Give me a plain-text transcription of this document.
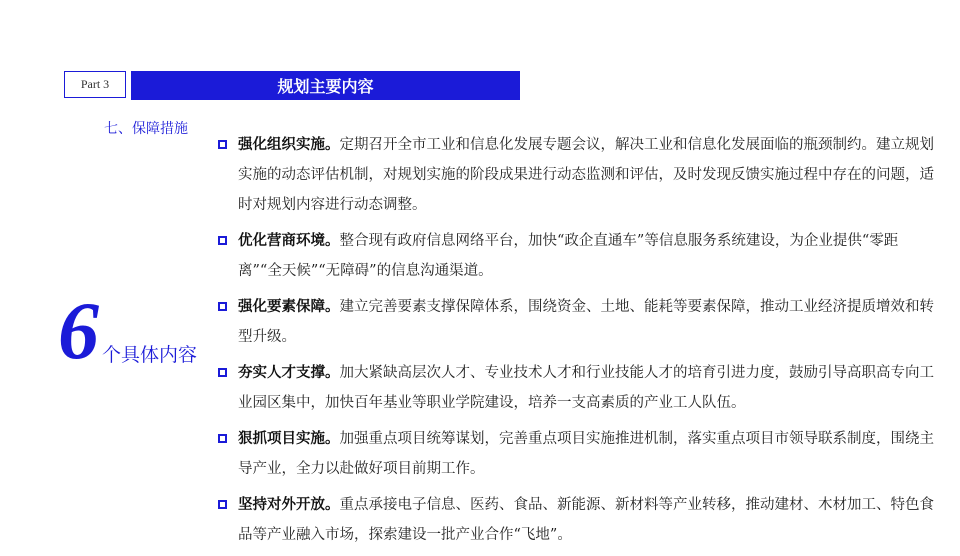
Part 3	规划主要内容
七、保障措施
6 个具体内容
强化组织实施。定期召开全市工业和信息化发展专题会议，解决工业和信息化发展面临的瓶颈制约。建立规划实施的动态评估机制，对规划实施的阶段成果进行动态监测和评估，及时发现反馈实施过程中存在的问题，适时对规划内容进行动态调整。
优化营商环境。整合现有政府信息网络平台，加快“政企直通车”等信息服务系统建设，为企业提供“零距离”“全天候”“无障碍”的信息沟通渠道。
强化要素保障。建立完善要素支撑保障体系，围绕资金、土地、能耗等要素保障，推动工业经济提质增效和转型升级。
夯实人才支撑。加大紧缺高层次人才、专业技术人才和行业技能人才的培育引进力度，鼓励引导高职高专向工业园区集中，加快百年基业等职业学院建设，培养一支高素质的产业工人队伍。
狠抓项目实施。加强重点项目统筹谋划，完善重点项目实施推进机制，落实重点项目市领导联系制度，围绕主导产业，全力以赴做好项目前期工作。
坚持对外开放。重点承接电子信息、医药、食品、新能源、新材料等产业转移，推动建材、木材加工、特色食品等产业融入市场，探索建设一批产业合作“飞地”。
